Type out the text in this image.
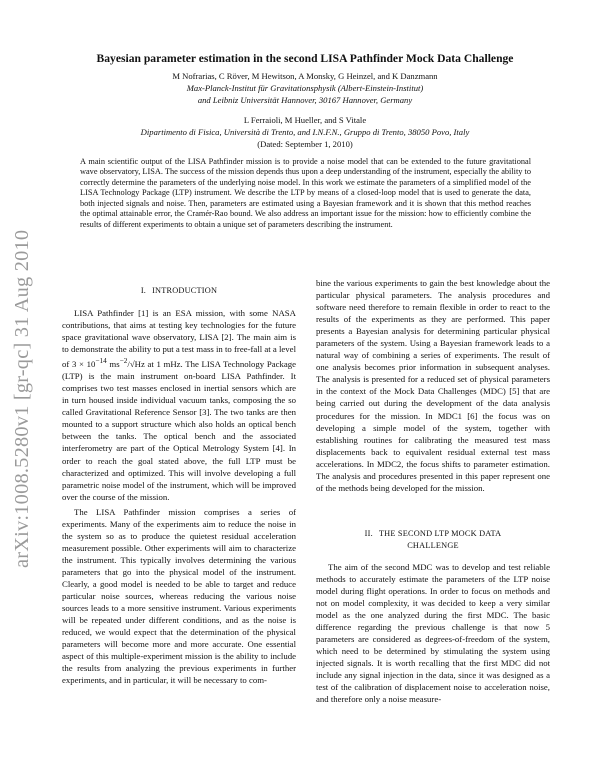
arXiv:1008.5280v1 [gr-qc] 31 Aug 2010
Bayesian parameter estimation in the second LISA Pathfinder Mock Data Challenge

M Nofrarias, C Röver, M Hewitson, A Monsky, G Heinzel, and K Danzmann

Max-Planck-Institut für Gravitationsphysik (Albert-Einstein-Institut)

and Leibniz Universität Hannover, 30167 Hannover, Germany

L Ferraioli, M Hueller, and S Vitale

Dipartimento di Fisica, Università di Trento, and I.N.F.N., Gruppo di Trento, 38050 Povo, Italy

(Dated: September 1, 2010)

A main scientific output of the LISA Pathfinder mission is to provide a noise model that can be extended to the future gravitational wave observatory, LISA. The success of the mission depends thus upon a deep understanding of the instrument, especially the ability to correctly determine the parameters of the underlying noise model. In this work we estimate the parameters of a simplified model of the LISA Technology Package (LTP) instrument. We describe the LTP by means of a closed-loop model that is used to generate the data, both injected signals and noise. Then, parameters are estimated using a Bayesian framework and it is shown that this method reaches the optimal attainable error, the Cramér-Rao bound. We also address an important issue for the mission: how to efficiently combine the results of different experiments to obtain a unique set of parameters describing the instrument.

I. INTRODUCTION

LISA Pathfinder [1] is an ESA mission, with some NASA contributions, that aims at testing key technologies for the future space gravitational wave observatory, LISA [2]. The main aim is to demonstrate the ability to put a test mass in to free-fall at a level of $3 \times 10^{-14}$ $ms^{-2}/√Hz$ at 1 mHz. The LISA Technology Package (LTP) is the main instrument on-board LISA Pathfinder. It comprises two test masses enclosed in inertial sensors which are in turn housed inside individual vacuum tanks, composing the so called Gravitational Reference Sensor [3]. The two tanks are then mounted to a support structure which also holds an optical bench between the tanks. The optical bench and the associated interferometry are part of the Optical Metrology System [4]. In order to reach the goal stated above, the full LTP must be characterized and optimized. This will involve developing a full parametric noise model of the instrument, which will be improved over the course of the mission.

The LISA Pathfinder mission comprises a series of experiments. Many of the experiments aim to reduce the noise in the system so as to produce the quietest residual acceleration measurement possible. Other experiments will aim to characterize the instrument. This typically involves determining the various parameters that go into the physical model of the instrument. Clearly, a good model is needed to be able to target and reduce particular noise sources, whereas reducing the various noise sources leads to a more sensitive instrument. Various experiments will be repeated under different conditions, and as the noise is reduced, we would expect that the determination of the physical parameters will become more and more accurate. One essential aspect of this multiple-experiment mission is the ability to include the results from analyzing the previous experiments in further experiments, and in particular, it will be necessary to com-

bine the various experiments to gain the best knowledge about the particular physical parameters. The analysis procedures and software need therefore to remain flexible in order to react to the results of the experiments as they are performed. This paper presents a Bayesian analysis for determining particular physical parameters of the system. Using a Bayesian framework leads to a natural way of combining a series of experiments. The result of one analysis becomes prior information in subsequent analyses. The analysis is presented for a reduced set of physical parameters in the context of the Mock Data Challenges (MDC) [5] that are being carried out during the development of the data analysis procedures for the mission. In MDC1 [6] the focus was on developing a simple model of the system, together with establishing routines for calibrating the measured test mass displacements back to equivalent residual external test mass accelerations. In MDC2, the focus shifts to parameter estimation. The analysis and procedures presented in this paper represent one of the methods being developed for the mission.

II. THE SECOND LTP MOCK DATA
CHALLENGE

The aim of the second MDC was to develop and test reliable methods to accurately estimate the parameters of the LTP noise model during flight operations. In order to focus on methods and not on model complexity, it was decided to keep a very similar model as the one analyzed during the first MDC. The basic difference regarding the previous challenge is that now 5 parameters are considered as degrees-of-freedom of the system, which need to be determined by stimulating the system using injected signals. It is worth recalling that the first MDC did not include any signal injection in the data, since it was designed as a test of the calibration of displacement noise to acceleration noise, and therefore only a noise measure-
